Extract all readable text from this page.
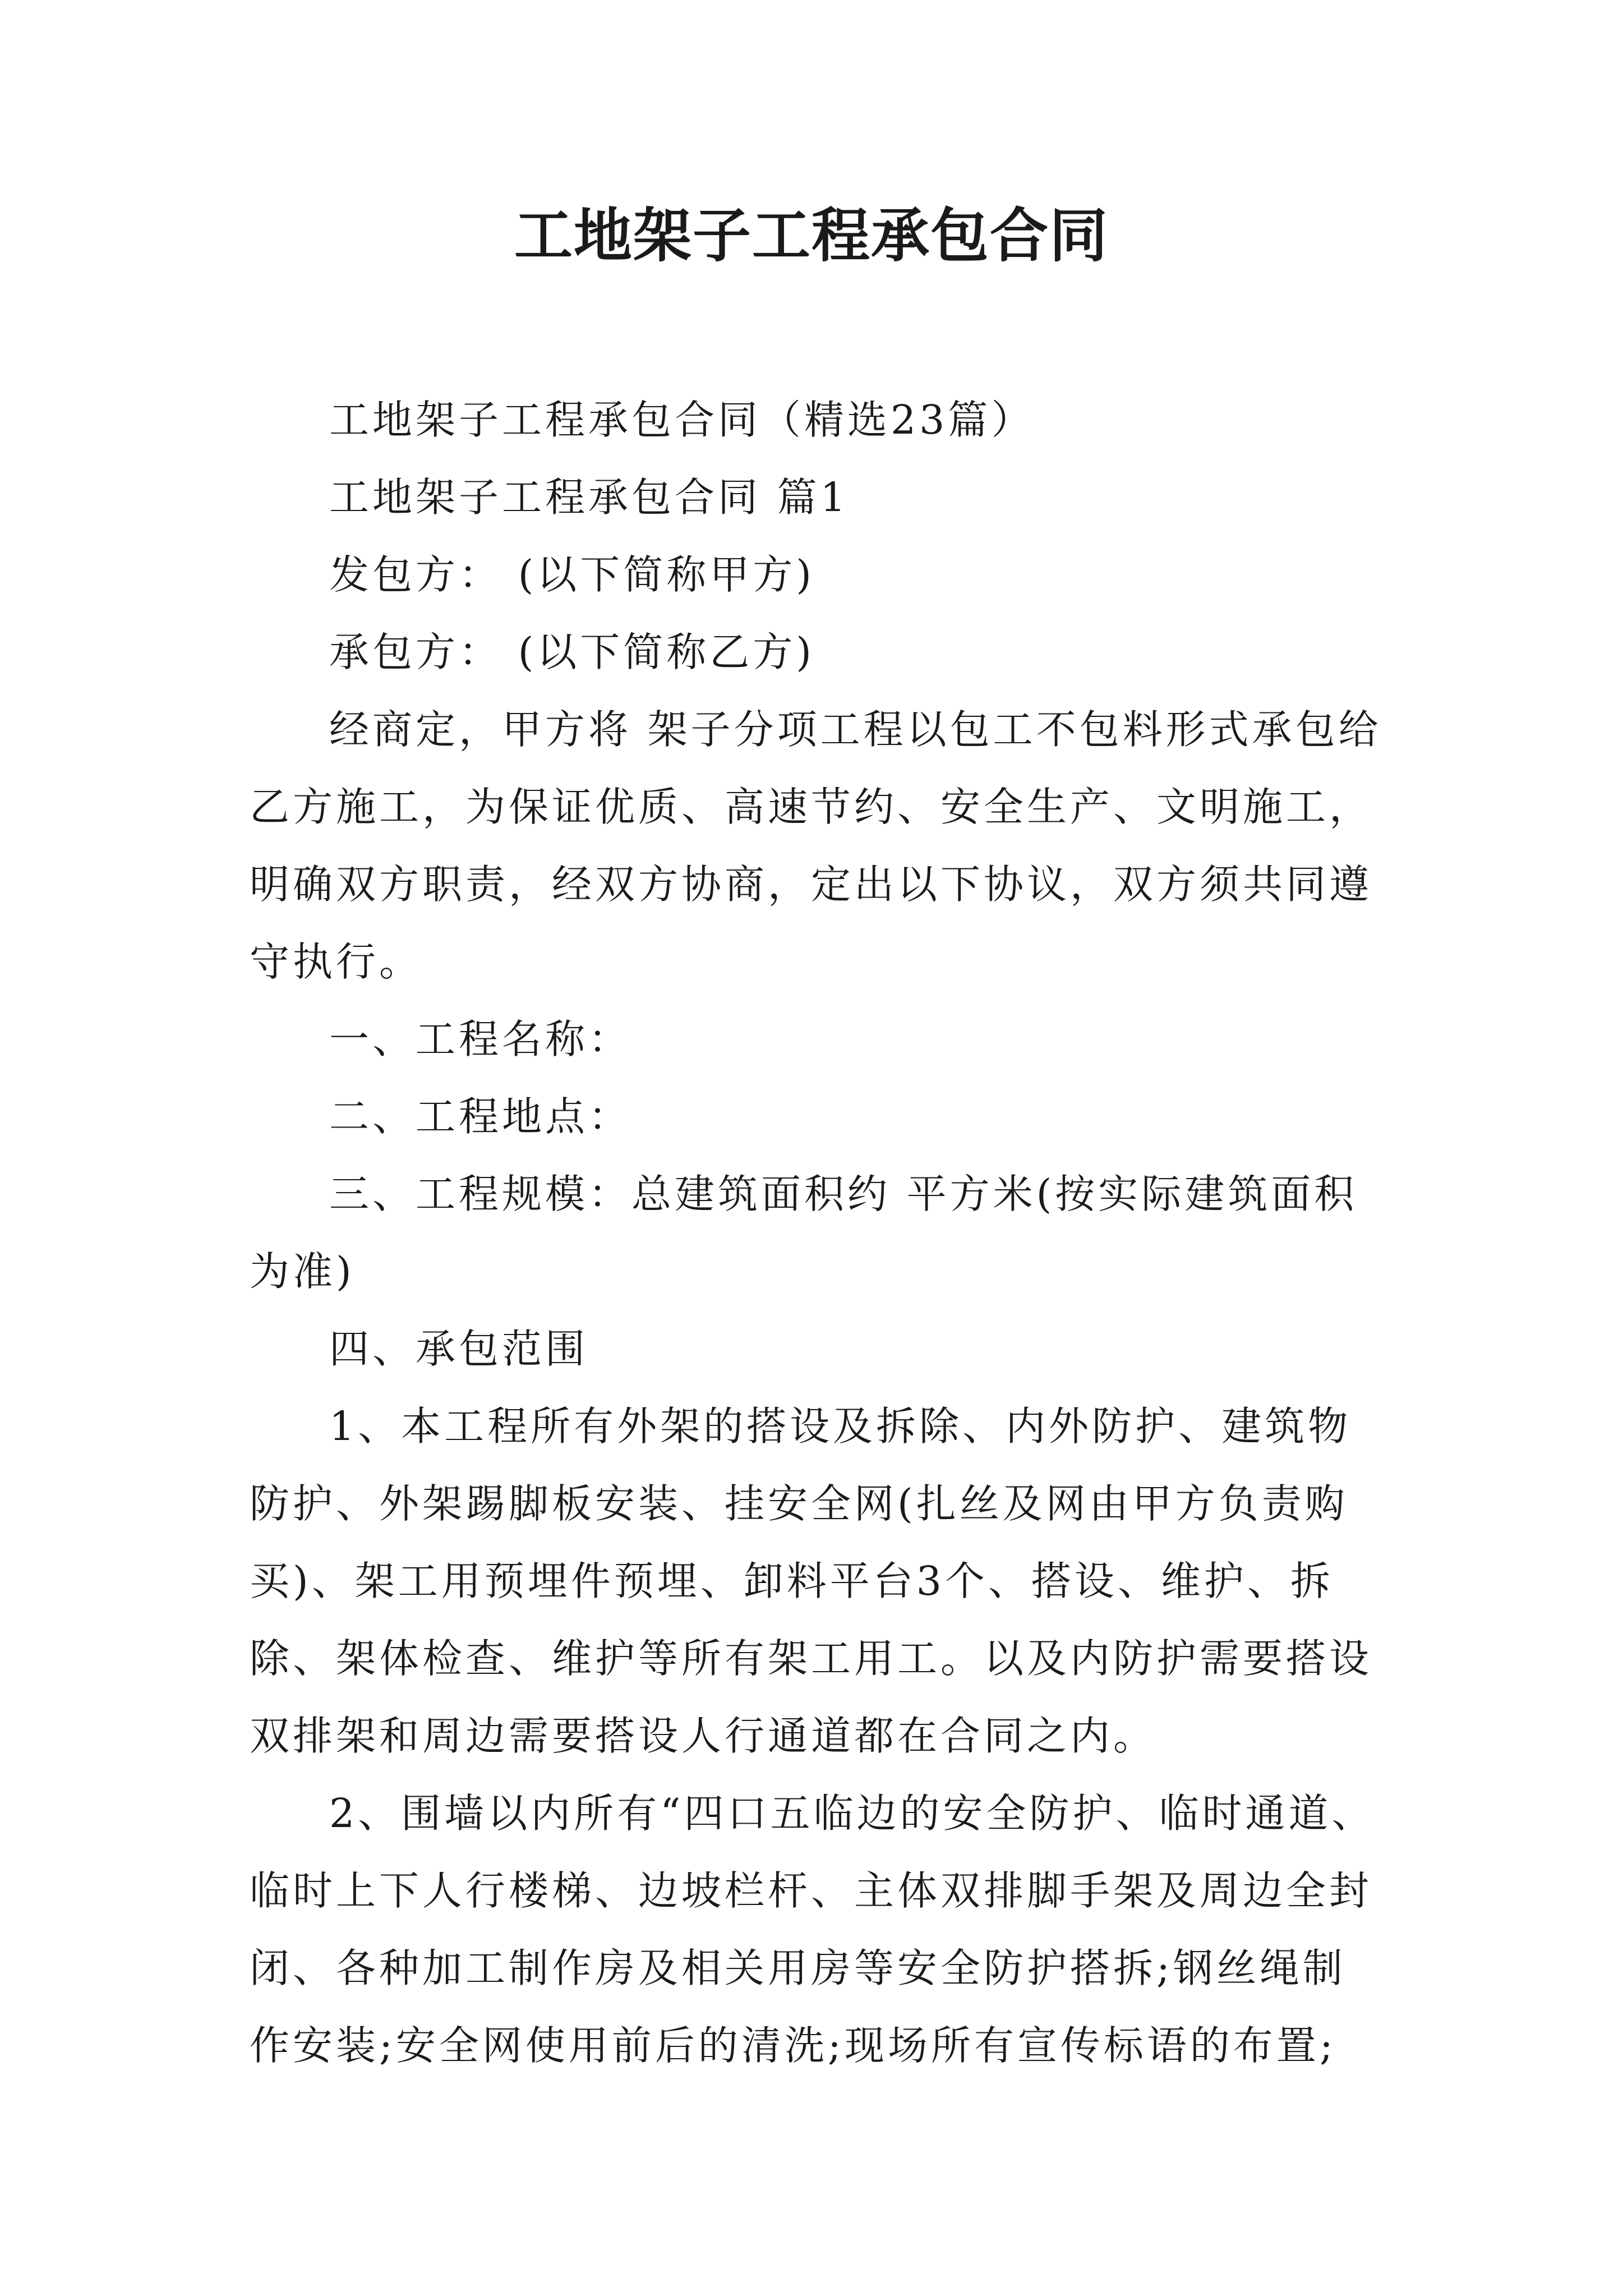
工地架子工程承包合同

工地架子工程承包合同（精选23篇）

工地架子工程承包合同 篇1

发包方： (以下简称甲方)

承包方： (以下简称乙方)

经商定，甲方将 架子分项工程以包工不包料形式承包给乙方施工，为保证优质、高速节约、安全生产、文明施工，明确双方职责，经双方协商，定出以下协议，双方须共同遵守执行。

一、工程名称：

二、工程地点：

三、工程规模：总建筑面积约 平方米(按实际建筑面积为准)

四、承包范围

1、本工程所有外架的搭设及拆除、内外防护、建筑物防护、外架踢脚板安装、挂安全网(扎丝及网由甲方负责购买)、架工用预埋件预埋、卸料平台3个、搭设、维护、拆除、架体检查、维护等所有架工用工。以及内防护需要搭设双排架和周边需要搭设人行通道都在合同之内。

2、围墙以内所有“四口五临边的安全防护、临时通道、临时上下人行楼梯、边坡栏杆、主体双排脚手架及周边全封闭、各种加工制作房及相关用房等安全防护搭拆;钢丝绳制作安装;安全网使用前后的清洗;现场所有宣传标语的布置;
